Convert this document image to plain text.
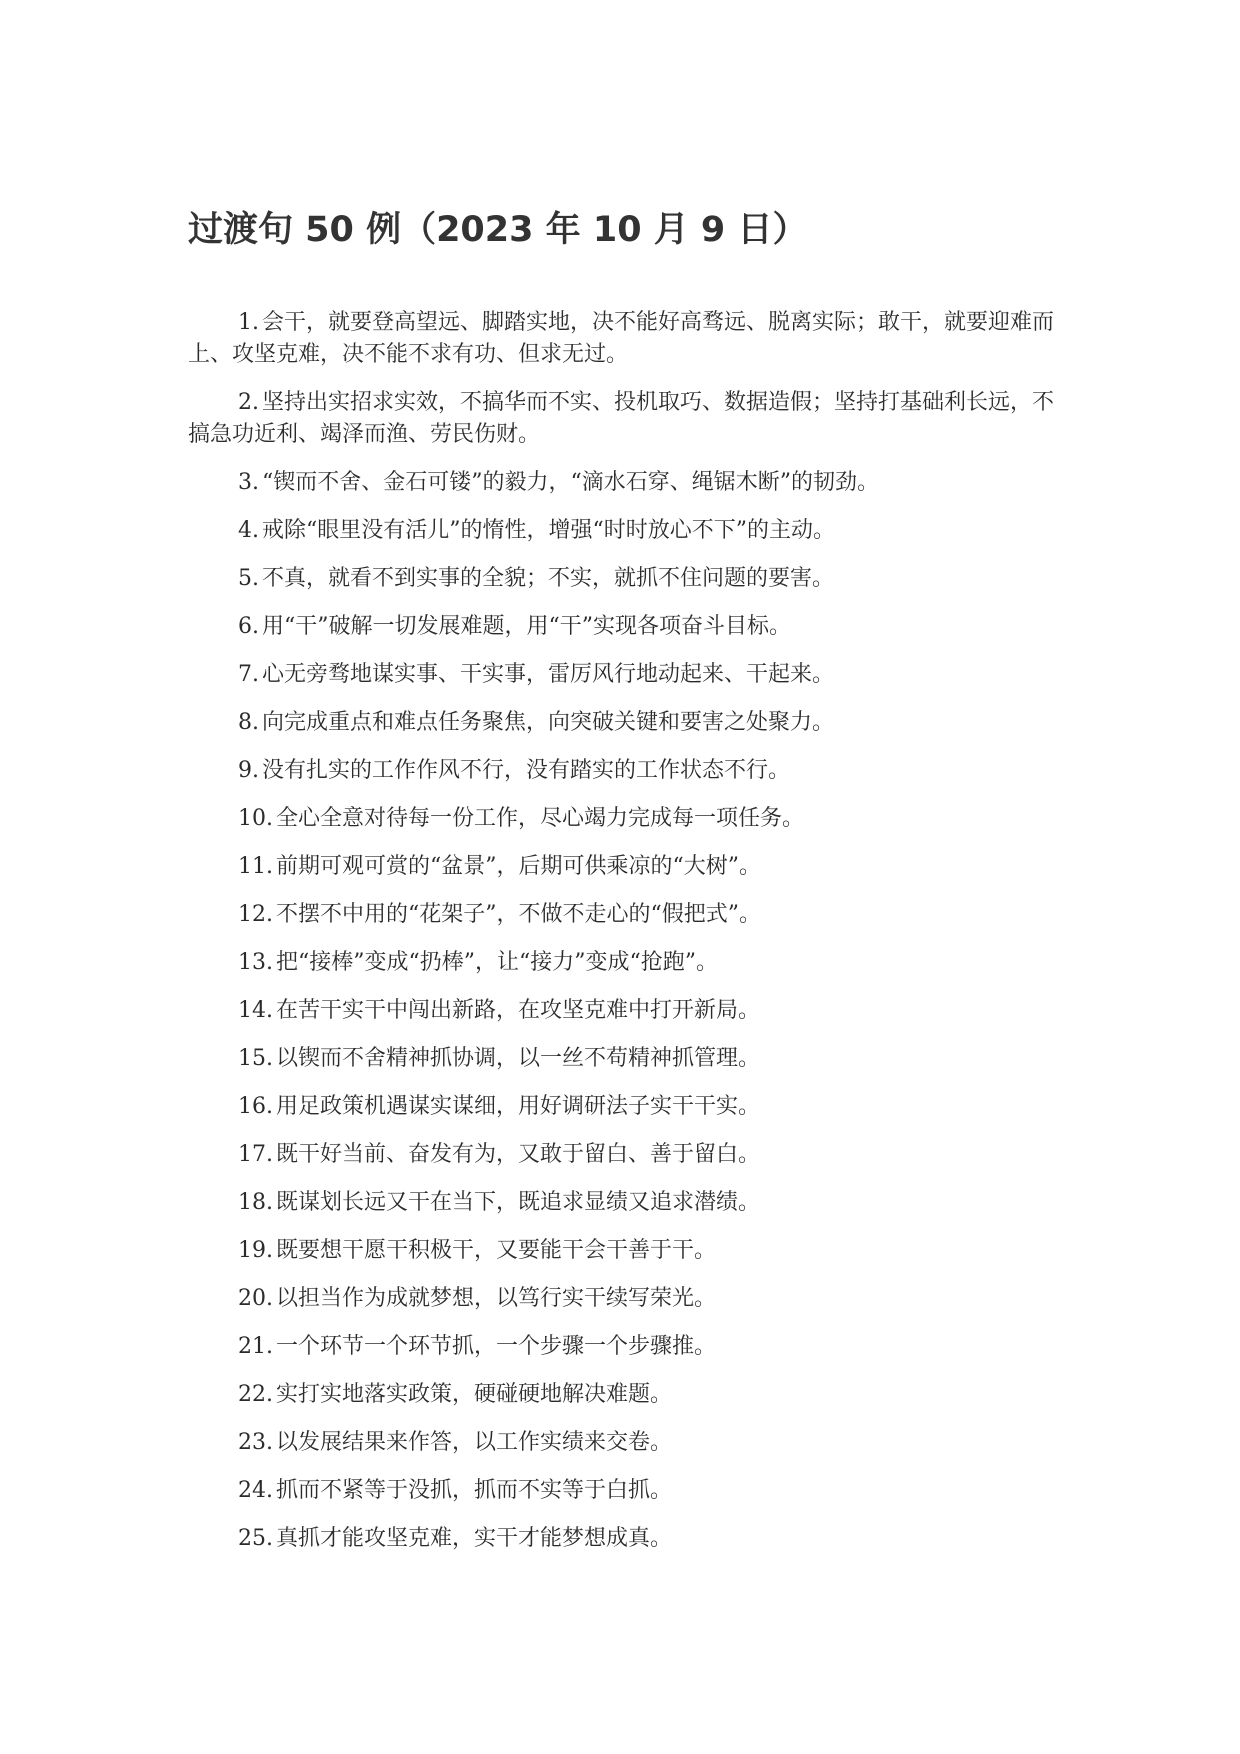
过渡句 50 例（2023 年 10 月 9 日）

1. 会干，就要登高望远、脚踏实地，决不能好高骛远、脱离实际；敢干，就要迎难而上、攻坚克难，决不能不求有功、但求无过。

2. 坚持出实招求实效，不搞华而不实、投机取巧、数据造假；坚持打基础利长远，不搞急功近利、竭泽而渔、劳民伤财。

3. “锲而不舍、金石可镂”的毅力，“滴水石穿、绳锯木断”的韧劲。

4. 戒除“眼里没有活儿”的惰性，增强“时时放心不下”的主动。

5. 不真，就看不到实事的全貌；不实，就抓不住问题的要害。

6. 用“干”破解一切发展难题，用“干”实现各项奋斗目标。

7. 心无旁骛地谋实事、干实事，雷厉风行地动起来、干起来。

8. 向完成重点和难点任务聚焦，向突破关键和要害之处聚力。

9. 没有扎实的工作作风不行，没有踏实的工作状态不行。

10. 全心全意对待每一份工作，尽心竭力完成每一项任务。

11. 前期可观可赏的“盆景”，后期可供乘凉的“大树”。

12. 不摆不中用的“花架子”，不做不走心的“假把式”。

13. 把“接棒”变成“扔棒”，让“接力”变成“抢跑”。

14. 在苦干实干中闯出新路，在攻坚克难中打开新局。

15. 以锲而不舍精神抓协调，以一丝不苟精神抓管理。

16. 用足政策机遇谋实谋细，用好调研法子实干干实。

17. 既干好当前、奋发有为，又敢于留白、善于留白。

18. 既谋划长远又干在当下，既追求显绩又追求潜绩。

19. 既要想干愿干积极干，又要能干会干善于干。

20. 以担当作为成就梦想，以笃行实干续写荣光。

21. 一个环节一个环节抓，一个步骤一个步骤推。

22. 实打实地落实政策，硬碰硬地解决难题。

23. 以发展结果来作答，以工作实绩来交卷。

24. 抓而不紧等于没抓，抓而不实等于白抓。

25. 真抓才能攻坚克难，实干才能梦想成真。
